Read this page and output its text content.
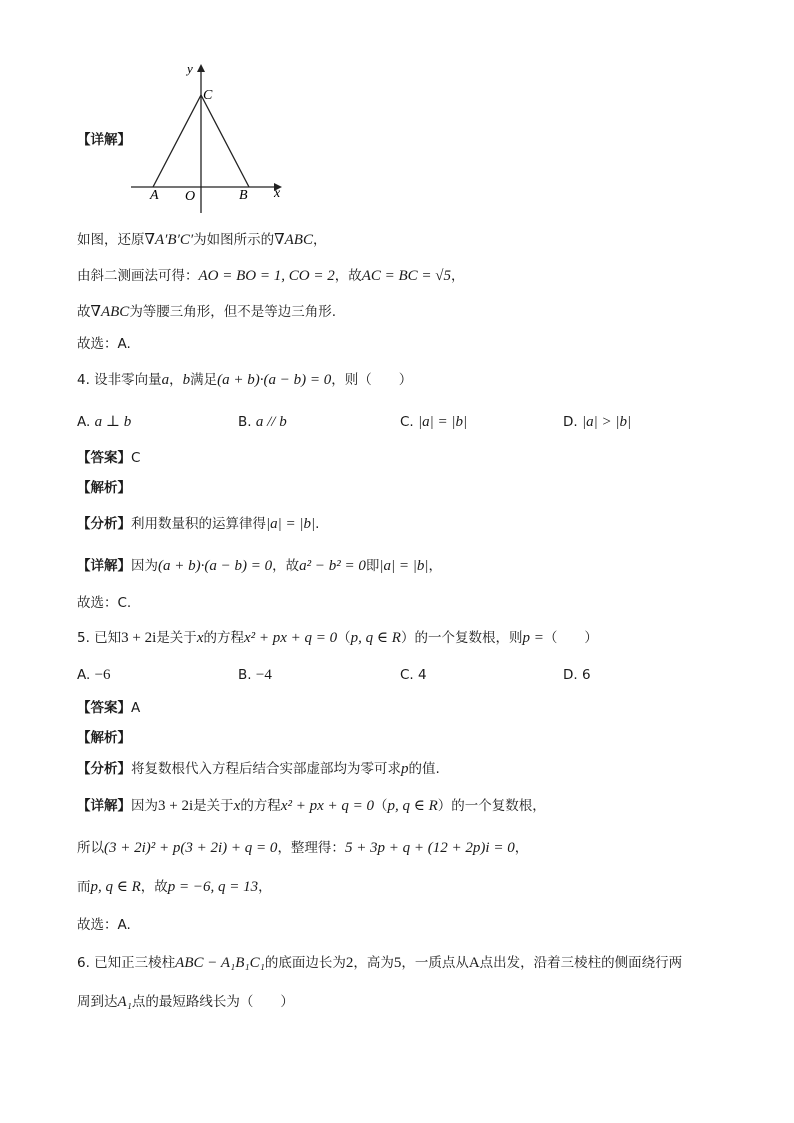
y
x
C
A O	B
【详解】
如图，还原∇A′B′C′为如图所示的∇ABC，
由斜二测画法可得：AO = BO = 1, CO = 2，故AC = BC = √5，
故∇ABC为等腰三角形，但不是等边三角形.
故选：A.
4. 设非零向量a，b满足(a + b)·(a − b) = 0，则（　　）
A. a ⊥ b	B. a // b	C. |a| = |b|	D. |a| > |b|
【答案】C
【解析】
【分析】利用数量积的运算律得|a| = |b|.
【详解】因为(a + b)·(a − b) = 0，故a² − b² = 0即|a| = |b|，
故选：C.
5. 已知3 + 2i是关于x的方程x² + px + q = 0（p, q ∈ R）的一个复数根，则p =（　　）
A. −6	B. −4	C. 4	D. 6
【答案】A
【解析】
【分析】将复数根代入方程后结合实部虚部均为零可求p的值.
【详解】因为3 + 2i是关于x的方程x² + px + q = 0（p, q ∈ R）的一个复数根，
所以(3 + 2i)² + p(3 + 2i) + q = 0，整理得：5 + 3p + q + (12 + 2p)i = 0，
而p, q ∈ R，故p = −6, q = 13，
故选：A.
6. 已知正三棱柱ABC − A₁B₁C₁的底面边长为2，高为5，一质点从A点出发，沿着三棱柱的侧面绕行两
周到达A₁点的最短路线长为（　　）
